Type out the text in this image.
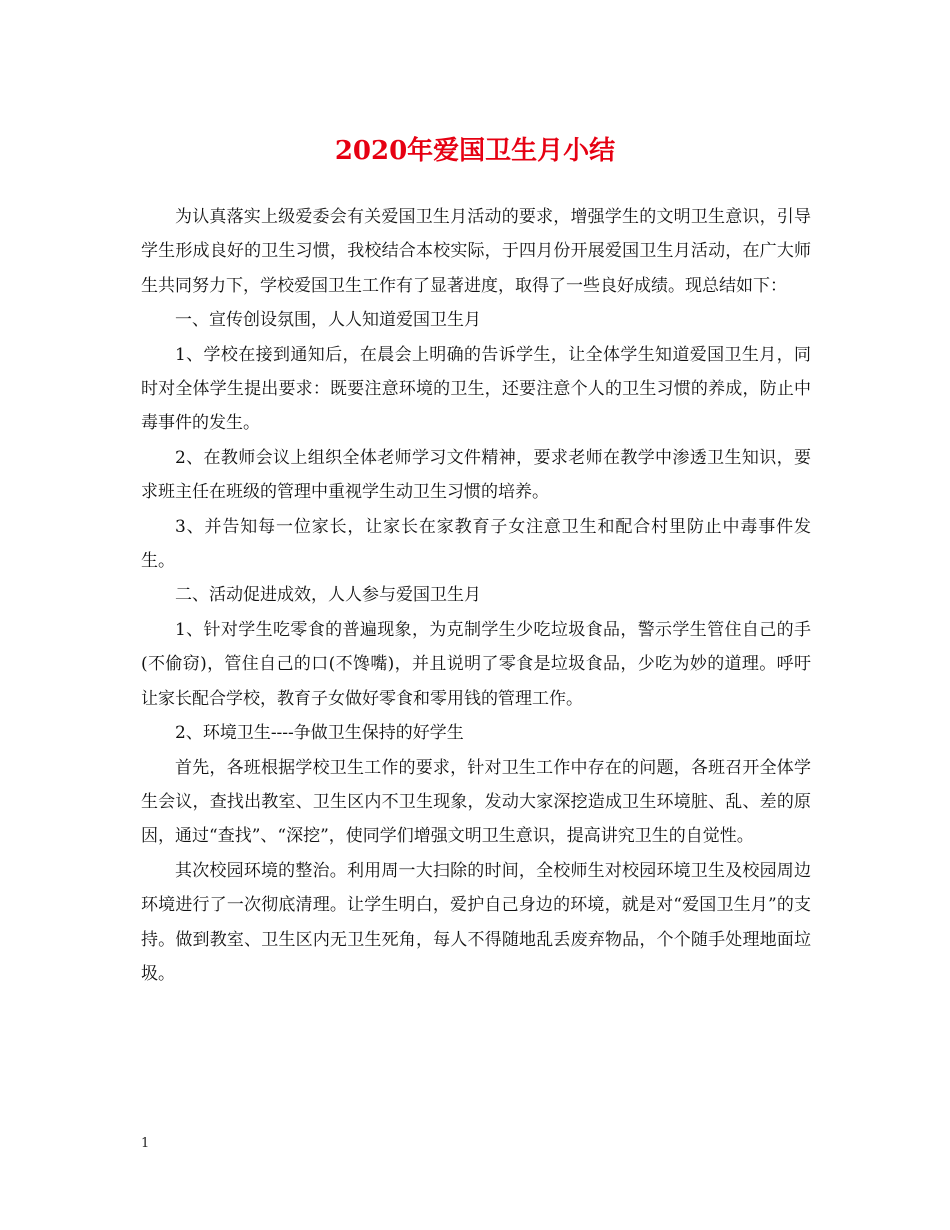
2020年爱国卫生月小结

为认真落实上级爱委会有关爱国卫生月活动的要求，增强学生的文明卫生意识，引导学生形成良好的卫生习惯，我校结合本校实际，于四月份开展爱国卫生月活动，在广大师生共同努力下，学校爱国卫生工作有了显著进度，取得了一些良好成绩。现总结如下：

一、宣传创设氛围，人人知道爱国卫生月

1、学校在接到通知后，在晨会上明确的告诉学生，让全体学生知道爱国卫生月，同时对全体学生提出要求：既要注意环境的卫生，还要注意个人的卫生习惯的养成，防止中毒事件的发生。

2、在教师会议上组织全体老师学习文件精神，要求老师在教学中渗透卫生知识，要求班主任在班级的管理中重视学生动卫生习惯的培养。

3、并告知每一位家长，让家长在家教育子女注意卫生和配合村里防止中毒事件发生。

二、活动促进成效，人人参与爱国卫生月

1、针对学生吃零食的普遍现象，为克制学生少吃垃圾食品，警示学生管住自己的手(不偷窃)，管住自己的口(不馋嘴)，并且说明了零食是垃圾食品，少吃为妙的道理。呼吁让家长配合学校，教育子女做好零食和零用钱的管理工作。

2、环境卫生----争做卫生保持的好学生

首先，各班根据学校卫生工作的要求，针对卫生工作中存在的问题，各班召开全体学生会议，查找出教室、卫生区内不卫生现象，发动大家深挖造成卫生环境脏、乱、差的原因，通过“查找”、“深挖”，使同学们增强文明卫生意识，提高讲究卫生的自觉性。

其次校园环境的整治。利用周一大扫除的时间，全校师生对校园环境卫生及校园周边环境进行了一次彻底清理。让学生明白，爱护自己身边的环境，就是对“爱国卫生月”的支持。做到教室、卫生区内无卫生死角，每人不得随地乱丢废弃物品，个个随手处理地面垃圾。

1
